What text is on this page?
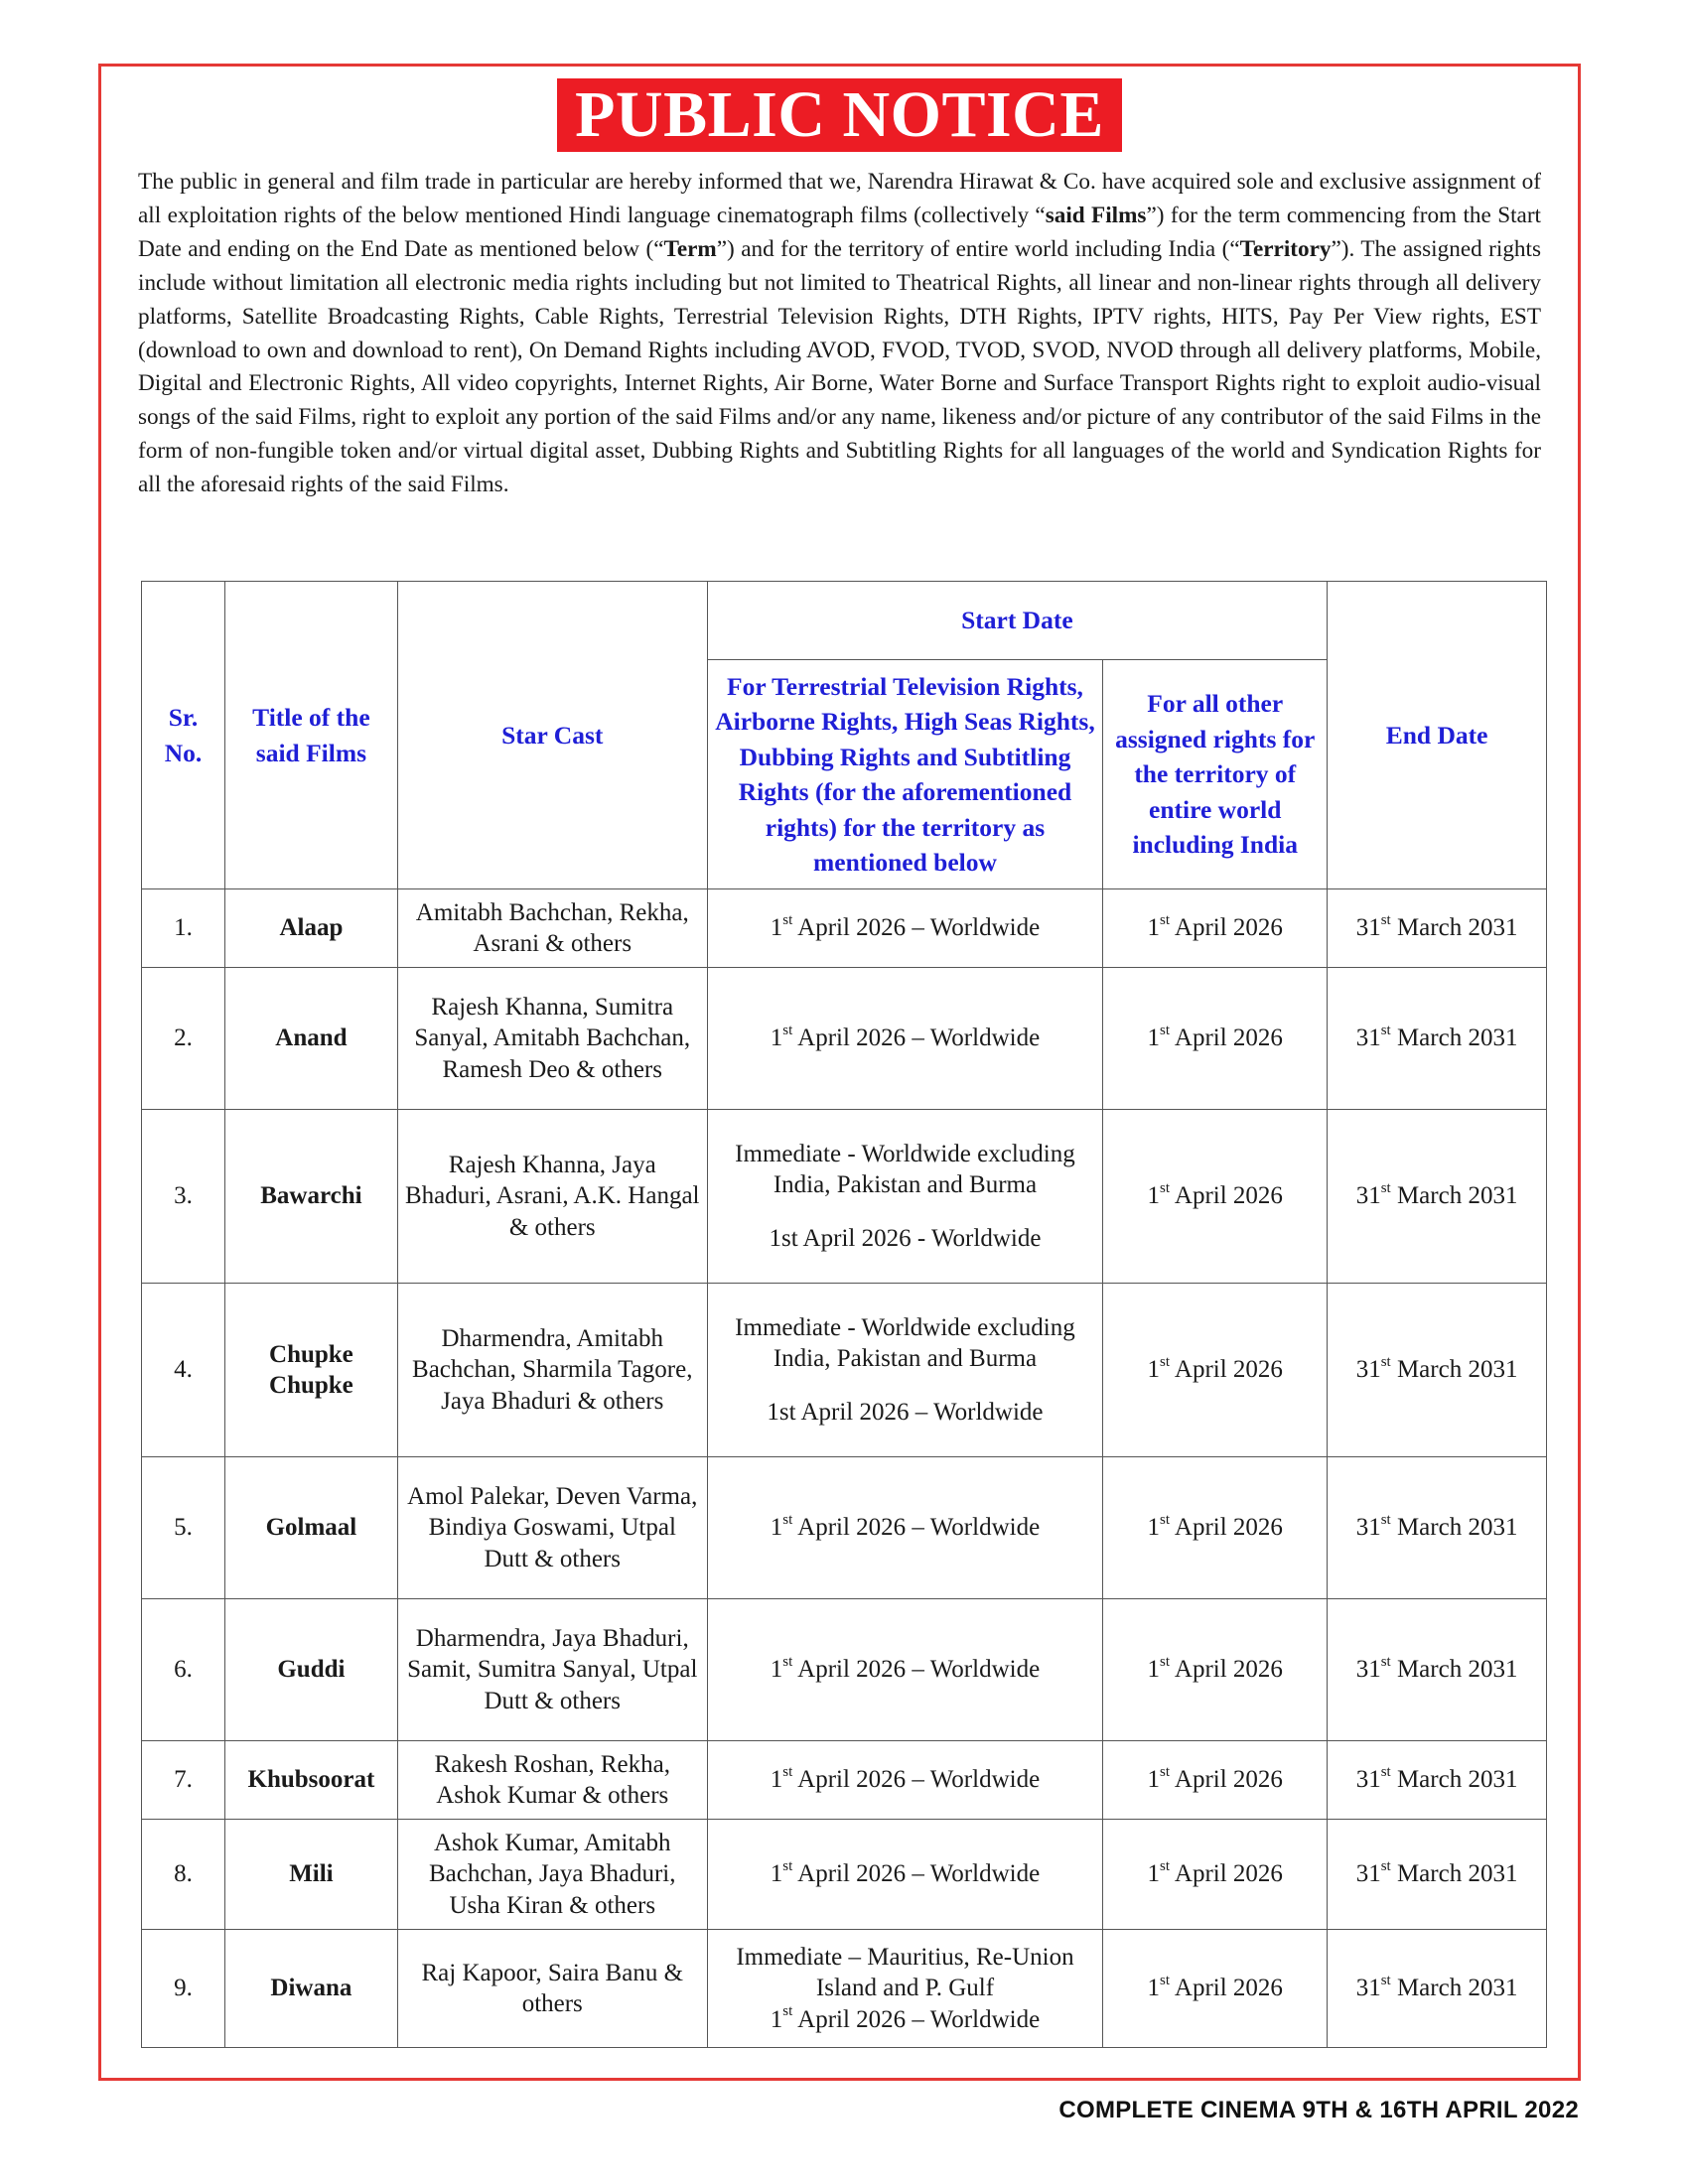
PUBLIC NOTICE

The public in general and film trade in particular are hereby informed that we, Narendra Hirawat & Co. have acquired sole and exclusive assignment of all exploitation rights of the below mentioned Hindi language cinematograph films (collectively “said Films”) for the term commencing from the Start Date and ending on the End Date as mentioned below (“Term”) and for the territory of entire world including India (“Territory”). The assigned rights include without limitation all electronic media rights including but not limited to Theatrical Rights, all linear and non-linear rights through all delivery platforms, Satellite Broadcasting Rights, Cable Rights, Terrestrial Television Rights, DTH Rights, IPTV rights, HITS, Pay Per View rights, EST (download to own and download to rent), On Demand Rights including AVOD, FVOD, TVOD, SVOD, NVOD through all delivery platforms, Mobile, Digital and Electronic Rights, All video copyrights, Internet Rights, Air Borne, Water Borne and Surface Transport Rights right to exploit audio-visual songs of the said Films, right to exploit any portion of the said Films and/or any name, likeness and/or picture of any contributor of the said Films in the form of non-fungible token and/or virtual digital asset, Dubbing Rights and Subtitling Rights for all languages of the world and Syndication Rights for all the aforesaid rights of the said Films.

Sr. No.	Title of the said Films	Star Cast	Start Date		End Date
			For Terrestrial Television Rights, Airborne Rights, High Seas Rights, Dubbing Rights and Subtitling Rights (for the aforementioned rights) for the territory as mentioned below	For all other assigned rights for the territory of entire world including India	
1.	Alaap	Amitabh Bachchan, Rekha, Asrani & others	1st April 2026 – Worldwide	1st April 2026	31st March 2031
2.	Anand	Rajesh Khanna, Sumitra Sanyal, Amitabh Bachchan, Ramesh Deo & others	1st April 2026 – Worldwide	1st April 2026	31st March 2031
3.	Bawarchi	Rajesh Khanna, Jaya Bhaduri, Asrani, A.K. Hangal & others	Immediate - Worldwide excluding India, Pakistan and Burma
1st April 2026 - Worldwide	1st April 2026	31st March 2031
4.	Chupke Chupke	Dharmendra, Amitabh Bachchan, Sharmila Tagore, Jaya Bhaduri & others	Immediate - Worldwide excluding India, Pakistan and Burma
1st April 2026 – Worldwide	1st April 2026	31st March 2031
5.	Golmaal	Amol Palekar, Deven Varma, Bindiya Goswami, Utpal Dutt & others	1st April 2026 – Worldwide	1st April 2026	31st March 2031
6.	Guddi	Dharmendra, Jaya Bhaduri, Samit, Sumitra Sanyal, Utpal Dutt & others	1st April 2026 – Worldwide	1st April 2026	31st March 2031
7.	Khubsoorat	Rakesh Roshan, Rekha, Ashok Kumar & others	1st April 2026 – Worldwide	1st April 2026	31st March 2031
8.	Mili	Ashok Kumar, Amitabh Bachchan, Jaya Bhaduri, Usha Kiran & others	1st April 2026 – Worldwide	1st April 2026	31st March 2031
9.	Diwana	Raj Kapoor, Saira Banu & others	Immediate – Mauritius, Re-Union Island and P. Gulf
1st April 2026 – Worldwide	1st April 2026	31st March 2031
COMPLETE CINEMA 9TH & 16TH APRIL 2022
